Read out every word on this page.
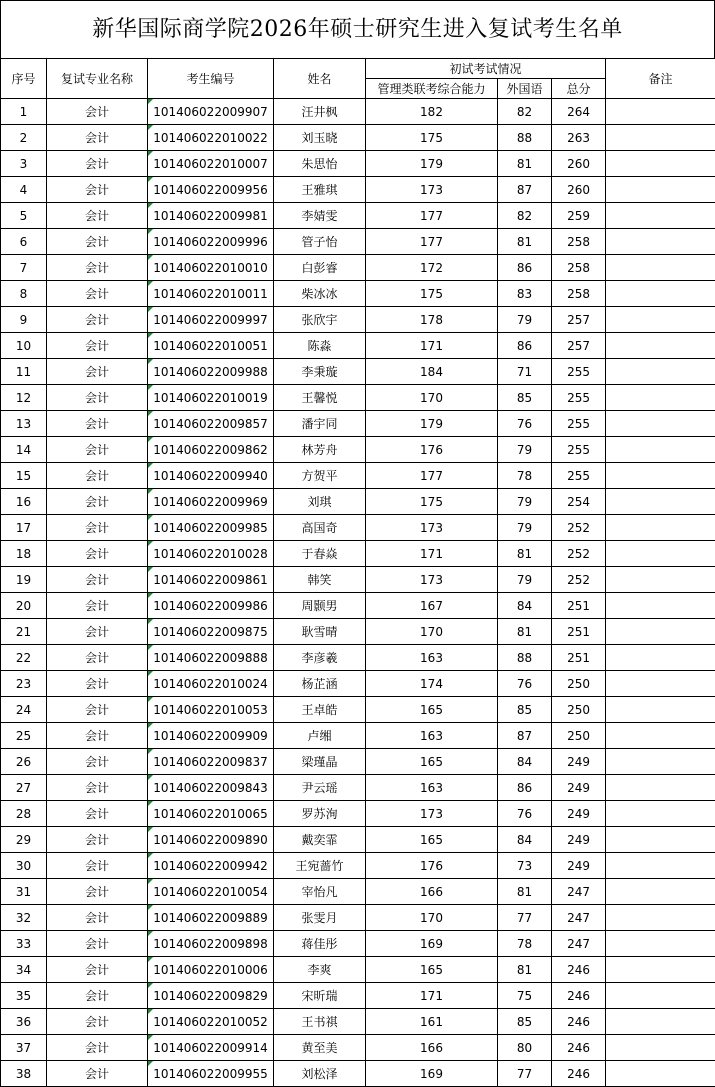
新华国际商学院2026年硕士研究生进入复试考生名单
序号	复试专业名称	考生编号	姓名	初试考试情况			备注
				管理类联考综合能力	外国语	总分	
1	会计	101406022009907	汪井枫	182	82	264	
2	会计	101406022010022	刘玉晓	175	88	263	
3	会计	101406022010007	朱思怡	179	81	260	
4	会计	101406022009956	王雅琪	173	87	260	
5	会计	101406022009981	李婧雯	177	82	259	
6	会计	101406022009996	管子怡	177	81	258	
7	会计	101406022010010	白彭睿	172	86	258	
8	会计	101406022010011	柴冰冰	175	83	258	
9	会计	101406022009997	张欣宇	178	79	257	
10	会计	101406022010051	陈淼	171	86	257	
11	会计	101406022009988	李秉璇	184	71	255	
12	会计	101406022010019	王馨悦	170	85	255	
13	会计	101406022009857	潘宇同	179	76	255	
14	会计	101406022009862	林芳舟	176	79	255	
15	会计	101406022009940	方贺平	177	78	255	
16	会计	101406022009969	刘琪	175	79	254	
17	会计	101406022009985	高国奇	173	79	252	
18	会计	101406022010028	于春焱	171	81	252	
19	会计	101406022009861	韩笑	173	79	252	
20	会计	101406022009986	周颢男	167	84	251	
21	会计	101406022009875	耿雪晴	170	81	251	
22	会计	101406022009888	李彦羲	163	88	251	
23	会计	101406022010024	杨芷涵	174	76	250	
24	会计	101406022010053	王卓皓	165	85	250	
25	会计	101406022009909	卢缃	163	87	250	
26	会计	101406022009837	梁瑾晶	165	84	249	
27	会计	101406022009843	尹云瑶	163	86	249	
28	会计	101406022010065	罗苏洵	173	76	249	
29	会计	101406022009890	戴奕霏	165	84	249	
30	会计	101406022009942	王宛蔷竹	176	73	249	
31	会计	101406022010054	宰怡凡	166	81	247	
32	会计	101406022009889	张雯月	170	77	247	
33	会计	101406022009898	蒋佳彤	169	78	247	
34	会计	101406022010006	李爽	165	81	246	
35	会计	101406022009829	宋昕瑞	171	75	246	
36	会计	101406022010052	王书祺	161	85	246	
37	会计	101406022009914	黄至美	166	80	246	
38	会计	101406022009955	刘松泽	169	77	246	
